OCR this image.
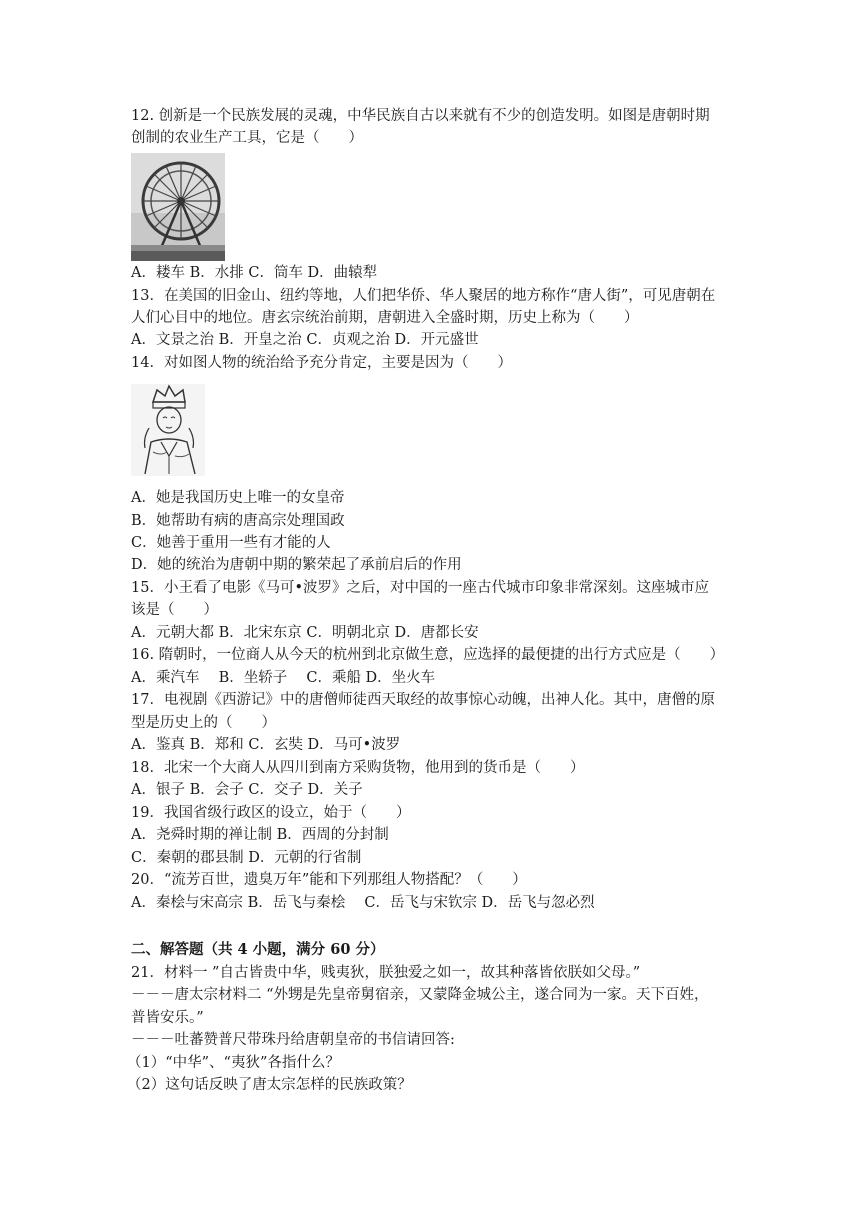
12. 创新是一个民族发展的灵魂，中华民族自古以来就有不少的创造发明。如图是唐朝时期
创制的农业生产工具，它是（　　）
A．耧车 B．水排 C．筒车 D．曲辕犁
13．在美国的旧金山、纽约等地，人们把华侨、华人聚居的地方称作“唐人街”，可见唐朝在
人们心目中的地位。唐玄宗统治前期，唐朝进入全盛时期，历史上称为（　　）
A．文景之治 B．开皇之治 C．贞观之治 D．开元盛世
14．对如图人物的统治给予充分肯定，主要是因为（　　）
A．她是我国历史上唯一的女皇帝
B．她帮助有病的唐高宗处理国政
C．她善于重用一些有才能的人
D．她的统治为唐朝中期的繁荣起了承前启后的作用
15．小王看了电影《马可•波罗》之后，对中国的一座古代城市印象非常深刻。这座城市应
该是（　　）
A．元朝大都 B．北宋东京 C．明朝北京 D．唐都长安
16. 隋朝时，一位商人从今天的杭州到北京做生意，应选择的最便捷的出行方式应是（　　）
A．乘汽车　 B．坐轿子　 C．乘船 D．坐火车
17．电视剧《西游记》中的唐僧师徒西天取经的故事惊心动魄，出神人化。其中，唐僧的原
型是历史上的（　　）
A．鉴真 B．郑和 C．玄奘 D．马可•波罗
18．北宋一个大商人从四川到南方采购货物，他用到的货币是（　　）
A．银子 B．会子 C．交子 D．关子
19．我国省级行政区的设立，始于（　　）
A．尧舜时期的禅让制 B．西周的分封制
C．秦朝的郡县制 D．元朝的行省制
20．“流芳百世，遗臭万年”能和下列那组人物搭配？（　　）
A．秦桧与宋高宗 B．岳飞与秦桧　 C．岳飞与宋钦宗 D．岳飞与忽必烈
二、解答题（共 4 小题，满分 60 分）
21．材料一 ”自古皆贵中华，贱夷狄，朕独爱之如一，故其种落皆依朕如父母。”
－－－唐太宗材料二 “外甥是先皇帝舅宿亲，又蒙降金城公主，遂合同为一家。天下百姓，
普皆安乐。”
－－－吐蕃赞普尺带珠丹给唐朝皇帝的书信请回答:
（1）“中华”、“夷狄”各指什么？
（2）这句话反映了唐太宗怎样的民族政策？
